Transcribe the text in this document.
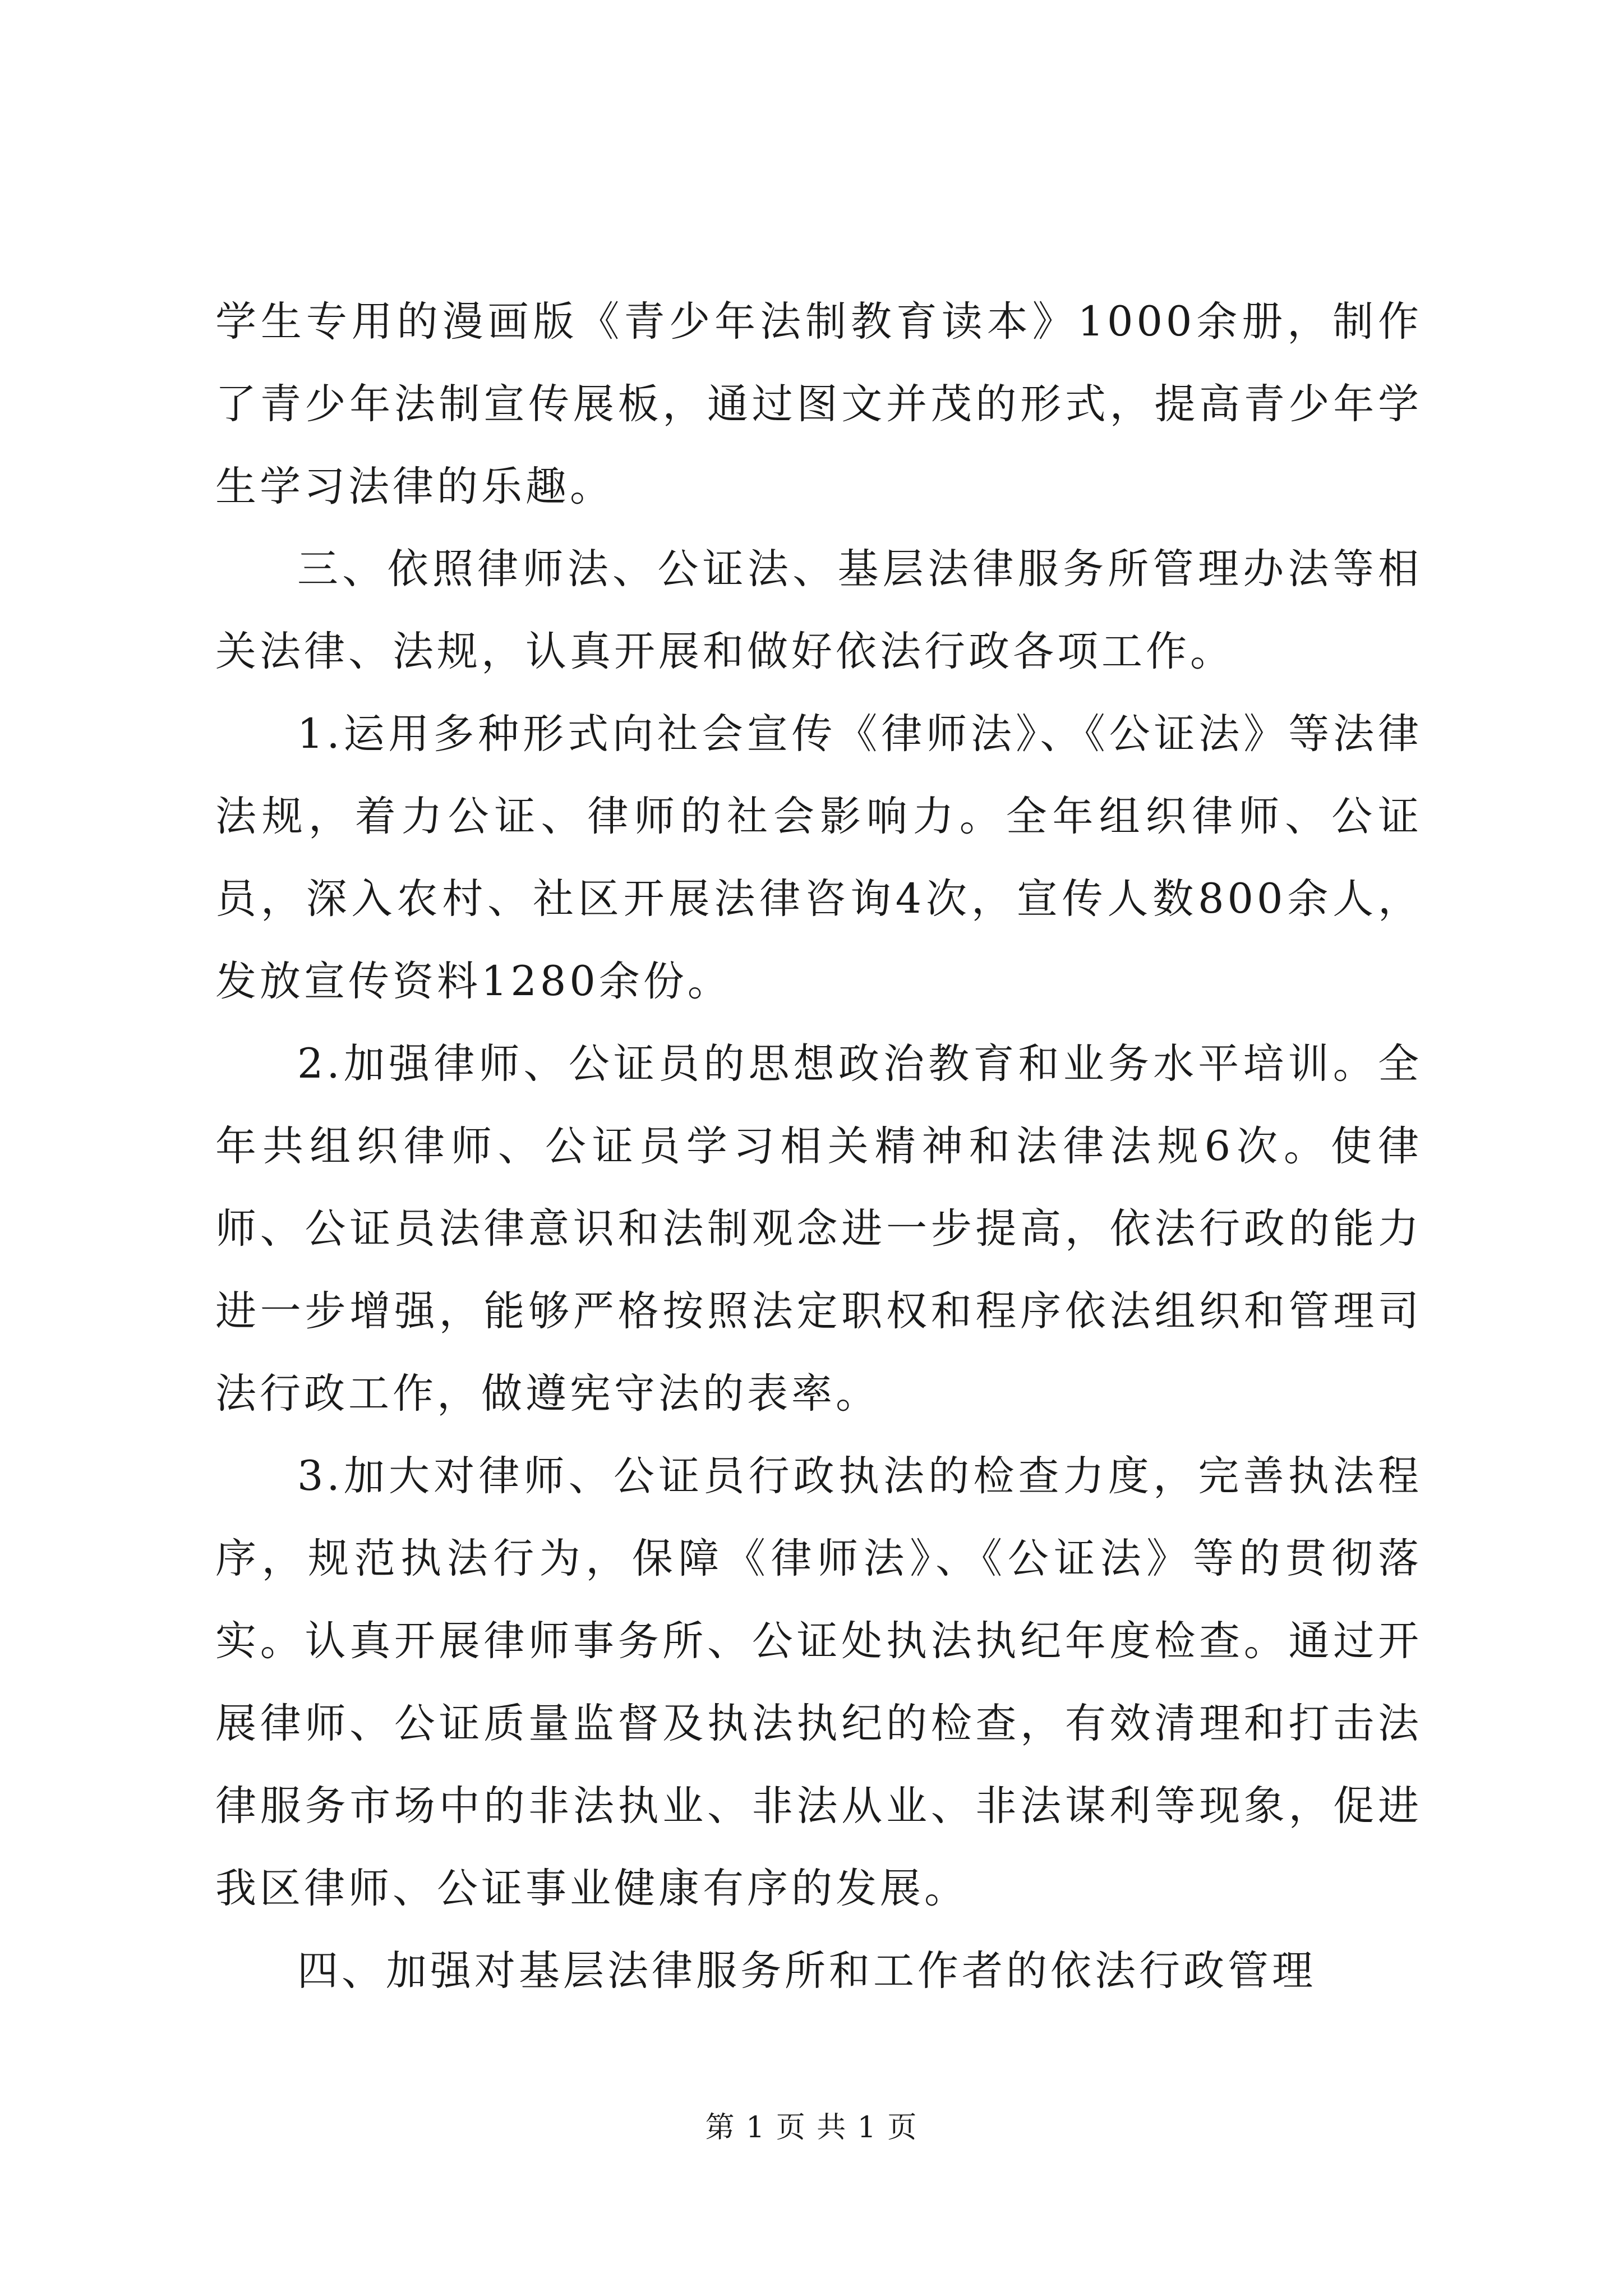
学生专用的漫画版《青少年法制教育读本》1000余册，制作了青少年法制宣传展板，通过图文并茂的形式，提高青少年学生学习法律的乐趣。

三、依照律师法、公证法、基层法律服务所管理办法等相关法律、法规，认真开展和做好依法行政各项工作。

1.运用多种形式向社会宣传《律师法》、《公证法》等法律法规，着力公证、律师的社会影响力。全年组织律师、公证员，深入农村、社区开展法律咨询4次，宣传人数800余人，发放宣传资料1280余份。

2.加强律师、公证员的思想政治教育和业务水平培训。全年共组织律师、公证员学习相关精神和法律法规6次。使律师、公证员法律意识和法制观念进一步提高，依法行政的能力进一步增强，能够严格按照法定职权和程序依法组织和管理司法行政工作，做遵宪守法的表率。

3.加大对律师、公证员行政执法的检查力度，完善执法程序，规范执法行为，保障《律师法》、《公证法》等的贯彻落实。认真开展律师事务所、公证处执法执纪年度检查。通过开展律师、公证质量监督及执法执纪的检查，有效清理和打击法律服务市场中的非法执业、非法从业、非法谋利等现象，促进我区律师、公证事业健康有序的发展。

四、加强对基层法律服务所和工作者的依法行政管理

第 1 页 共 1 页
